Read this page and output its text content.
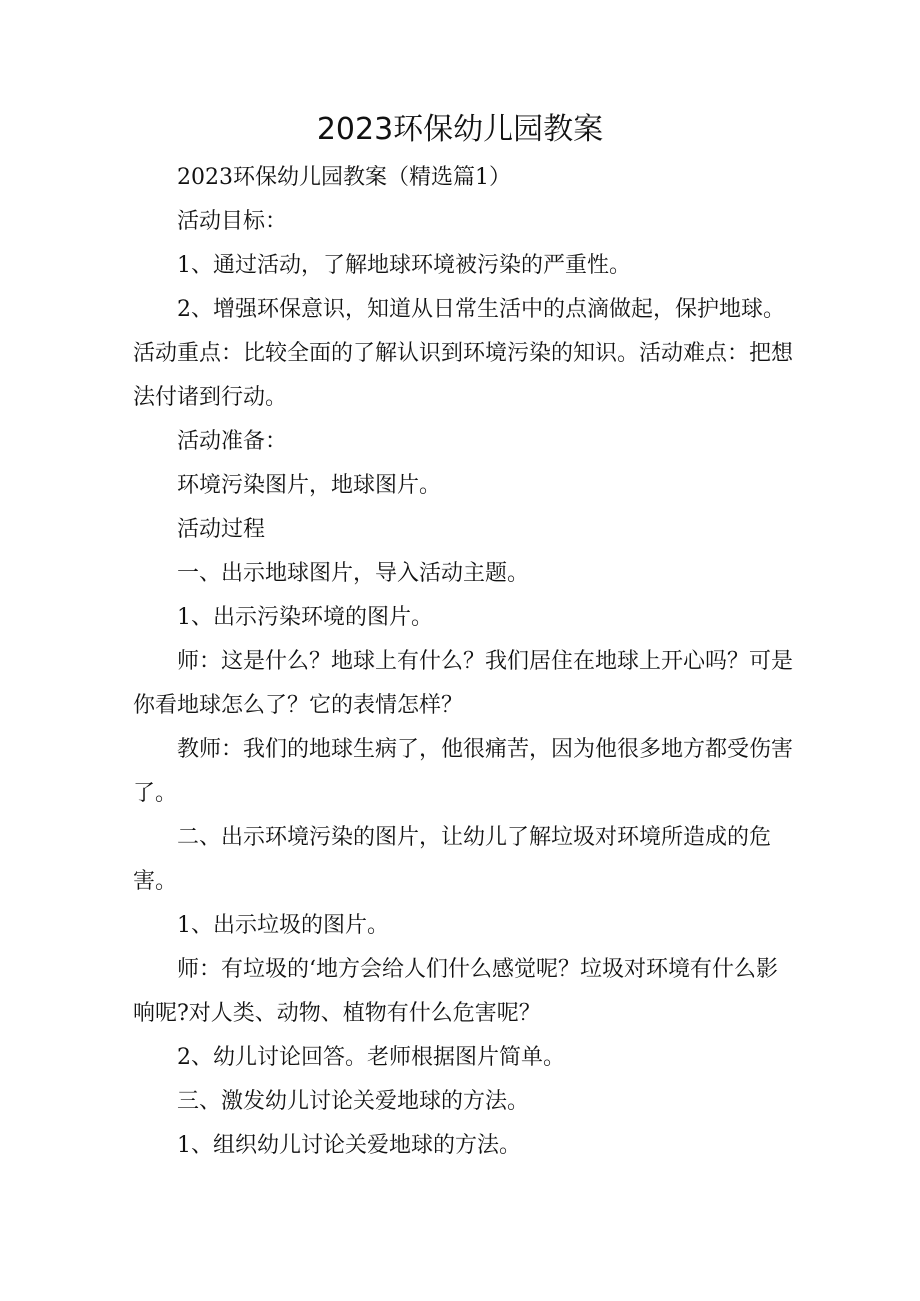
2023环保幼儿园教案

2023环保幼儿园教案（精选篇1）

活动目标：

1、通过活动，了解地球环境被污染的严重性。

2、增强环保意识，知道从日常生活中的点滴做起，保护地球。活动重点：比较全面的了解认识到环境污染的知识。活动难点：把想法付诸到行动。

活动准备：

环境污染图片，地球图片。

活动过程

一、出示地球图片，导入活动主题。

1、出示污染环境的图片。

师：这是什么？地球上有什么？我们居住在地球上开心吗？可是你看地球怎么了？它的表情怎样？

教师：我们的地球生病了，他很痛苦，因为他很多地方都受伤害了。

二、出示环境污染的图片，让幼儿了解垃圾对环境所造成的危害。

1、出示垃圾的图片。

师：有垃圾的‘地方会给人们什么感觉呢？垃圾对环境有什么影响呢?对人类、动物、植物有什么危害呢？

2、幼儿讨论回答。老师根据图片简单。

三、激发幼儿讨论关爱地球的方法。

1、组织幼儿讨论关爱地球的方法。
